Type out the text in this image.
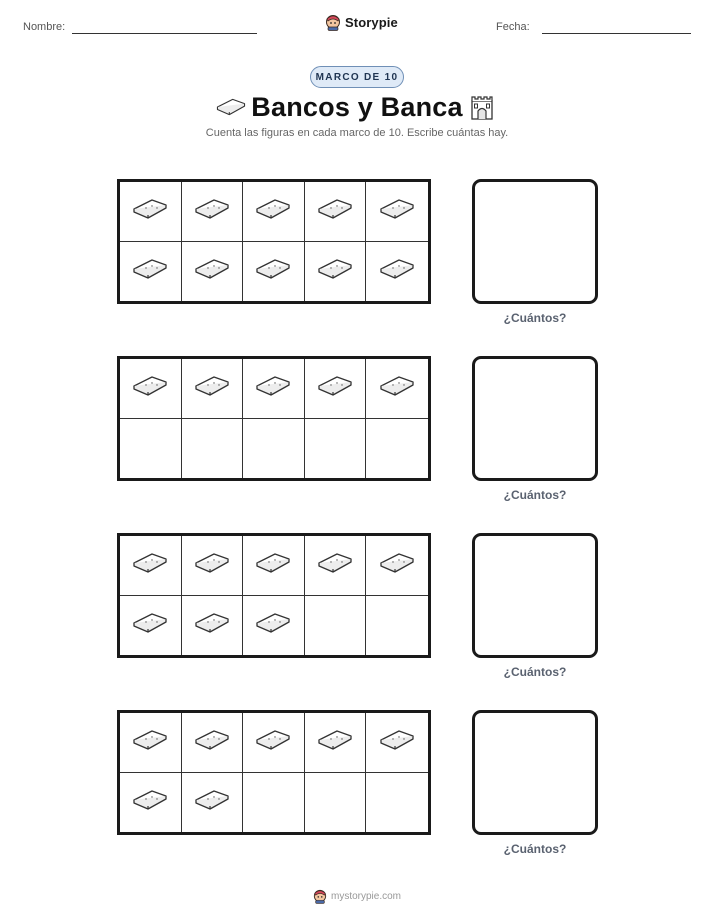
Nombre:	Storypie	Fecha:
MARCO DE 10
Bancos y Banca
Cuenta las figuras en cada marco de 10. Escribe cuántas hay.
¿Cuántos?
¿Cuántos?
¿Cuántos?
¿Cuántos?
mystorypie.com
